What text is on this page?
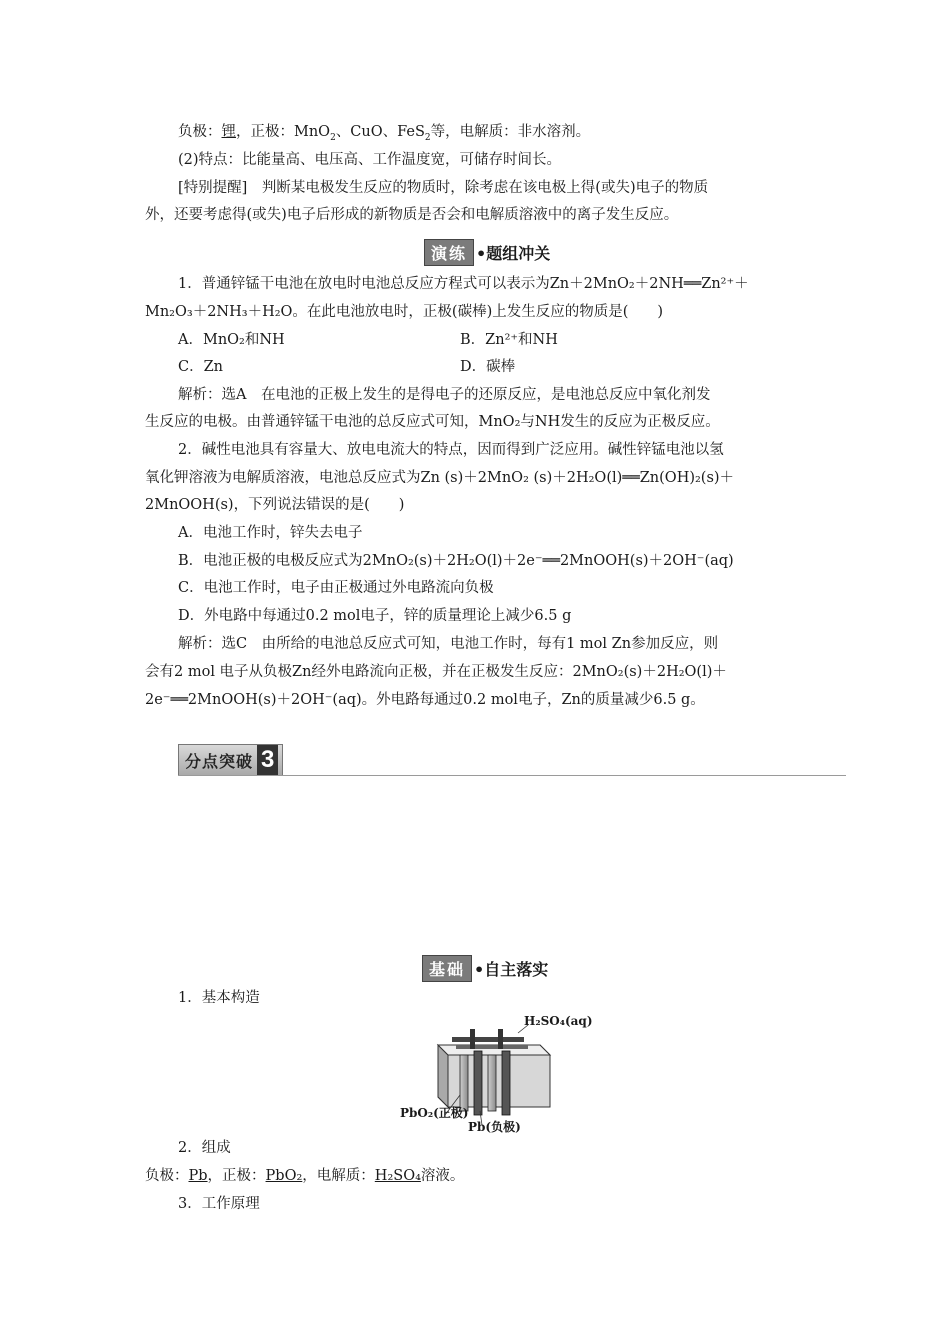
负极：锂，正极：MnO$_2$、CuO、FeS$_2$等，电解质：非水溶剂。
(2)特点：比能量高、电压高、工作温度宽，可储存时间长。
[特别提醒]　判断某电极发生反应的物质时，除考虑在该电极上得(或失)电子的物质
外，还要考虑得(或失)电子后形成的新物质是否会和电解质溶液中的离子发生反应。
演练 •题组冲关
1．普通锌锰干电池在放电时电池总反应方程式可以表示为Zn＋2MnO₂＋2NH══Zn²⁺＋
Mn₂O₃＋2NH₃＋H₂O。在此电池放电时，正极(碳棒)上发生反应的物质是(　　)
A．MnO₂和NH	B．Zn²⁺和NH
C．Zn	D．碳棒
解析：选A　在电池的正极上发生的是得电子的还原反应，是电池总反应中氧化剂发
生反应的电极。由普通锌锰干电池的总反应式可知，MnO₂与NH发生的反应为正极反应。
2．碱性电池具有容量大、放电电流大的特点，因而得到广泛应用。碱性锌锰电池以氢
氧化钾溶液为电解质溶液，电池总反应式为Zn (s)＋2MnO₂ (s)＋2H₂O(l)══Zn(OH)₂(s)＋
2MnOOH(s)，下列说法错误的是(　　)
A．电池工作时，锌失去电子
B．电池正极的电极反应式为2MnO₂(s)＋2H₂O(l)＋2e⁻══2MnOOH(s)＋2OH⁻(aq)
C．电池工作时，电子由正极通过外电路流向负极
D．外电路中每通过0.2 mol电子，锌的质量理论上减少6.5 g
解析：选C　由所给的电池总反应式可知，电池工作时，每有1 mol Zn参加反应，则
会有2 mol 电子从负极Zn经外电路流向正极，并在正极发生反应：2MnO₂(s)＋2H₂O(l)＋
2e⁻══2MnOOH(s)＋2OH⁻(aq)。外电路每通过0.2 mol电子，Zn的质量减少6.5 g。
分点突破 3
基础 •自主落实
1．基本构造
H₂SO₄(aq)
PbO₂(正极)
Pb(负极)
2．组成
负极：Pb，正极：PbO₂，电解质：H₂SO₄溶液。
3．工作原理
